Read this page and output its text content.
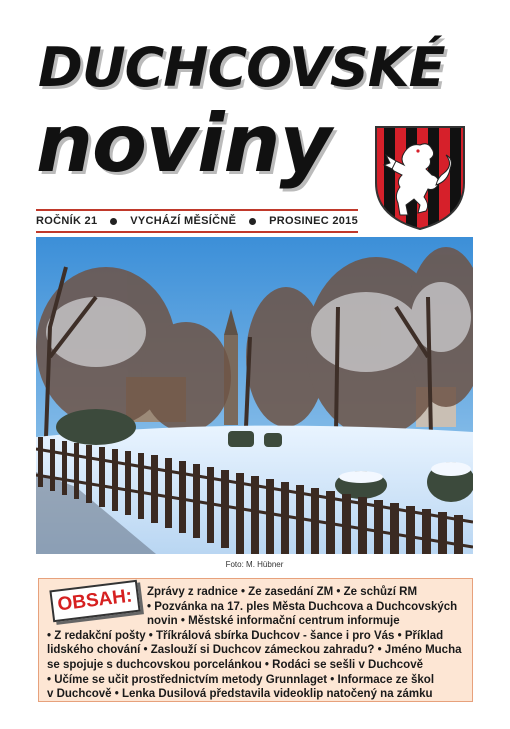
DUCHCOVSKÉ
noviny
ROČNÍK 21	VYCHÁZÍ MĚSÍČNĚ	PROSINEC 2015
Foto: M. Hübner
Zprávy z radnice • Ze zasedání ZM • Ze schůzí RM
• Pozvánka na 17. ples Města Duchcova a Duchcovských
novin • Městské informační centrum informuje
• Z redakční pošty • Tříkrálová sbírka Duchcov - šance i pro Vás • Příklad
lidského chování • Zaslouží si Duchcov zámeckou zahradu? • Jméno Mucha
se spojuje s duchcovskou porcelánkou • Rodáci se sešli v Duchcově
• Učíme se učit prostřednictvím metody Grunnlaget • Informace ze škol
v Duchcově • Lenka Dusilová představila videoklip natočený na zámku
OBSAH:
